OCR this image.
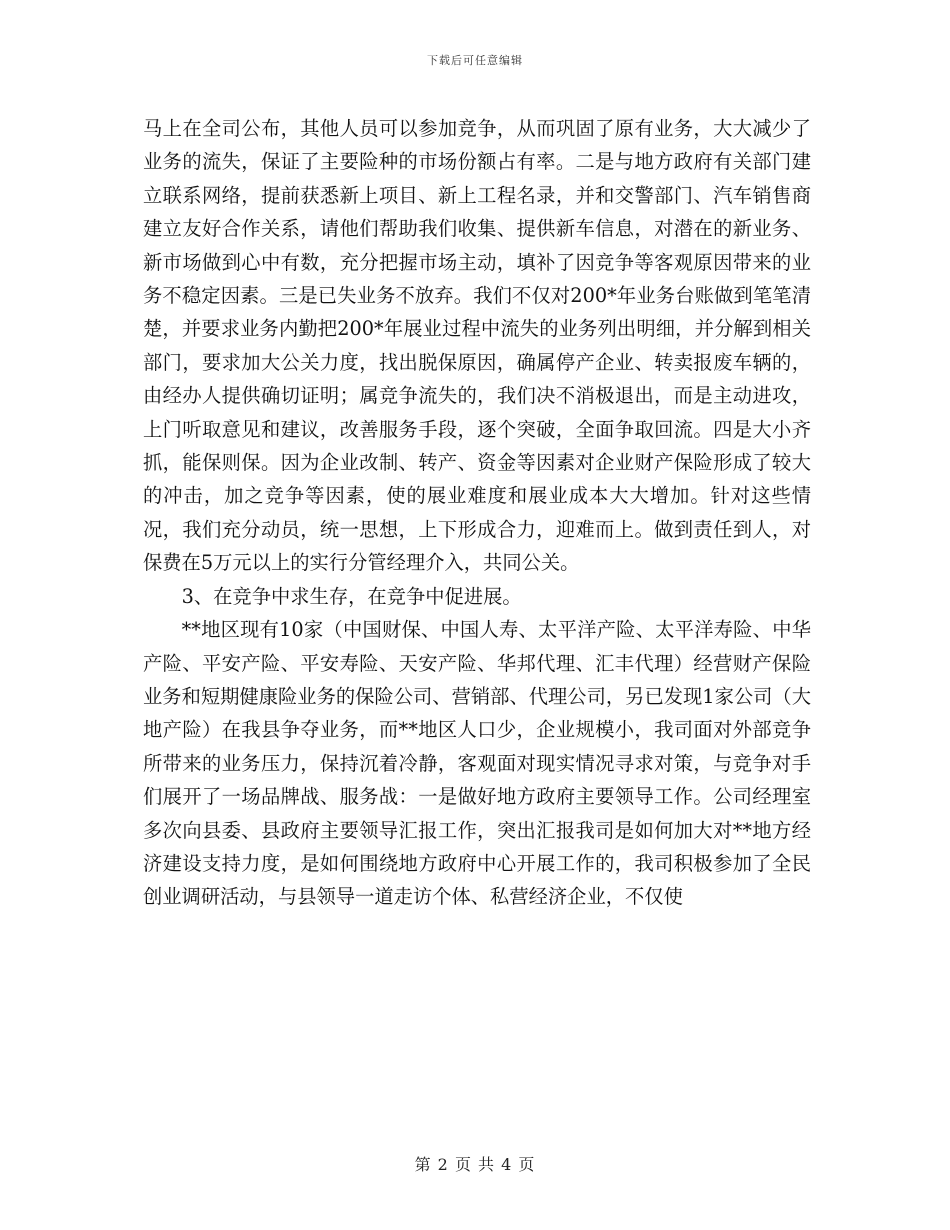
下载后可任意编辑

马上在全司公布，其他人员可以参加竞争，从而巩固了原有业务，大大减少了业务的流失，保证了主要险种的市场份额占有率。二是与地方政府有关部门建立联系网络，提前获悉新上项目、新上工程名录，并和交警部门、汽车销售商建立友好合作关系，请他们帮助我们收集、提供新车信息，对潜在的新业务、新市场做到心中有数，充分把握市场主动，填补了因竞争等客观原因带来的业务不稳定因素。三是已失业务不放弃。我们不仅对200*年业务台账做到笔笔清楚，并要求业务内勤把200*年展业过程中流失的业务列出明细，并分解到相关部门，要求加大公关力度，找出脱保原因，确属停产企业、转卖报废车辆的，由经办人提供确切证明；属竞争流失的，我们决不消极退出，而是主动进攻，上门听取意见和建议，改善服务手段，逐个突破，全面争取回流。四是大小齐抓，能保则保。因为企业改制、转产、资金等因素对企业财产保险形成了较大的冲击，加之竞争等因素，使的展业难度和展业成本大大增加。针对这些情况，我们充分动员，统一思想，上下形成合力，迎难而上。做到责任到人，对保费在5万元以上的实行分管经理介入，共同公关。

3、在竞争中求生存，在竞争中促进展。

**地区现有10家（中国财保、中国人寿、太平洋产险、太平洋寿险、中华产险、平安产险、平安寿险、天安产险、华邦代理、汇丰代理）经营财产保险业务和短期健康险业务的保险公司、营销部、代理公司，另已发现1家公司（大地产险）在我县争夺业务，而**地区人口少，企业规模小，我司面对外部竞争所带来的业务压力，保持沉着冷静，客观面对现实情况寻求对策，与竞争对手们展开了一场品牌战、服务战：一是做好地方政府主要领导工作。公司经理室多次向县委、县政府主要领导汇报工作，突出汇报我司是如何加大对**地方经济建设支持力度，是如何围绕地方政府中心开展工作的，我司积极参加了全民创业调研活动，与县领导一道走访个体、私营经济企业，不仅使

第 2 页 共 4 页
